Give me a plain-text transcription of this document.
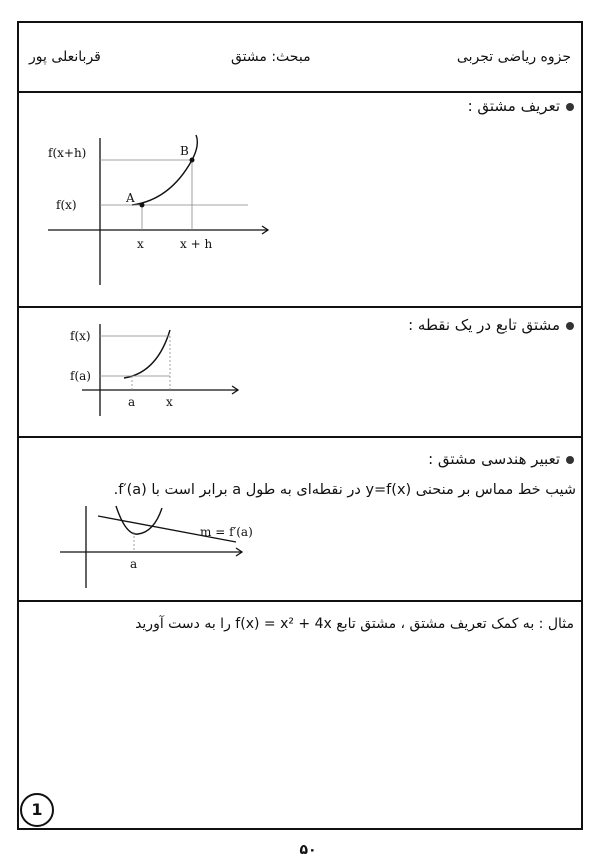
جزوه ریاضی تجربی
مبحث: مشتق
قربانعلی پور
تعریف مشتق :
f(x+h)
f(x)	A
B
x	x + h
مشتق تابع در یک نقطه :
f(x)
f(a)
a	x
تعبیر هندسی مشتق :
شیب خط مماس بر منحنی y=f(x) در نقطه‌ای به طول a برابر است با f′(a).
a
m = f′(a)
مثال : به کمک تعریف مشتق ، مشتق تابع f(x) = x² + 4x را به دست آورید
1
۵۰
